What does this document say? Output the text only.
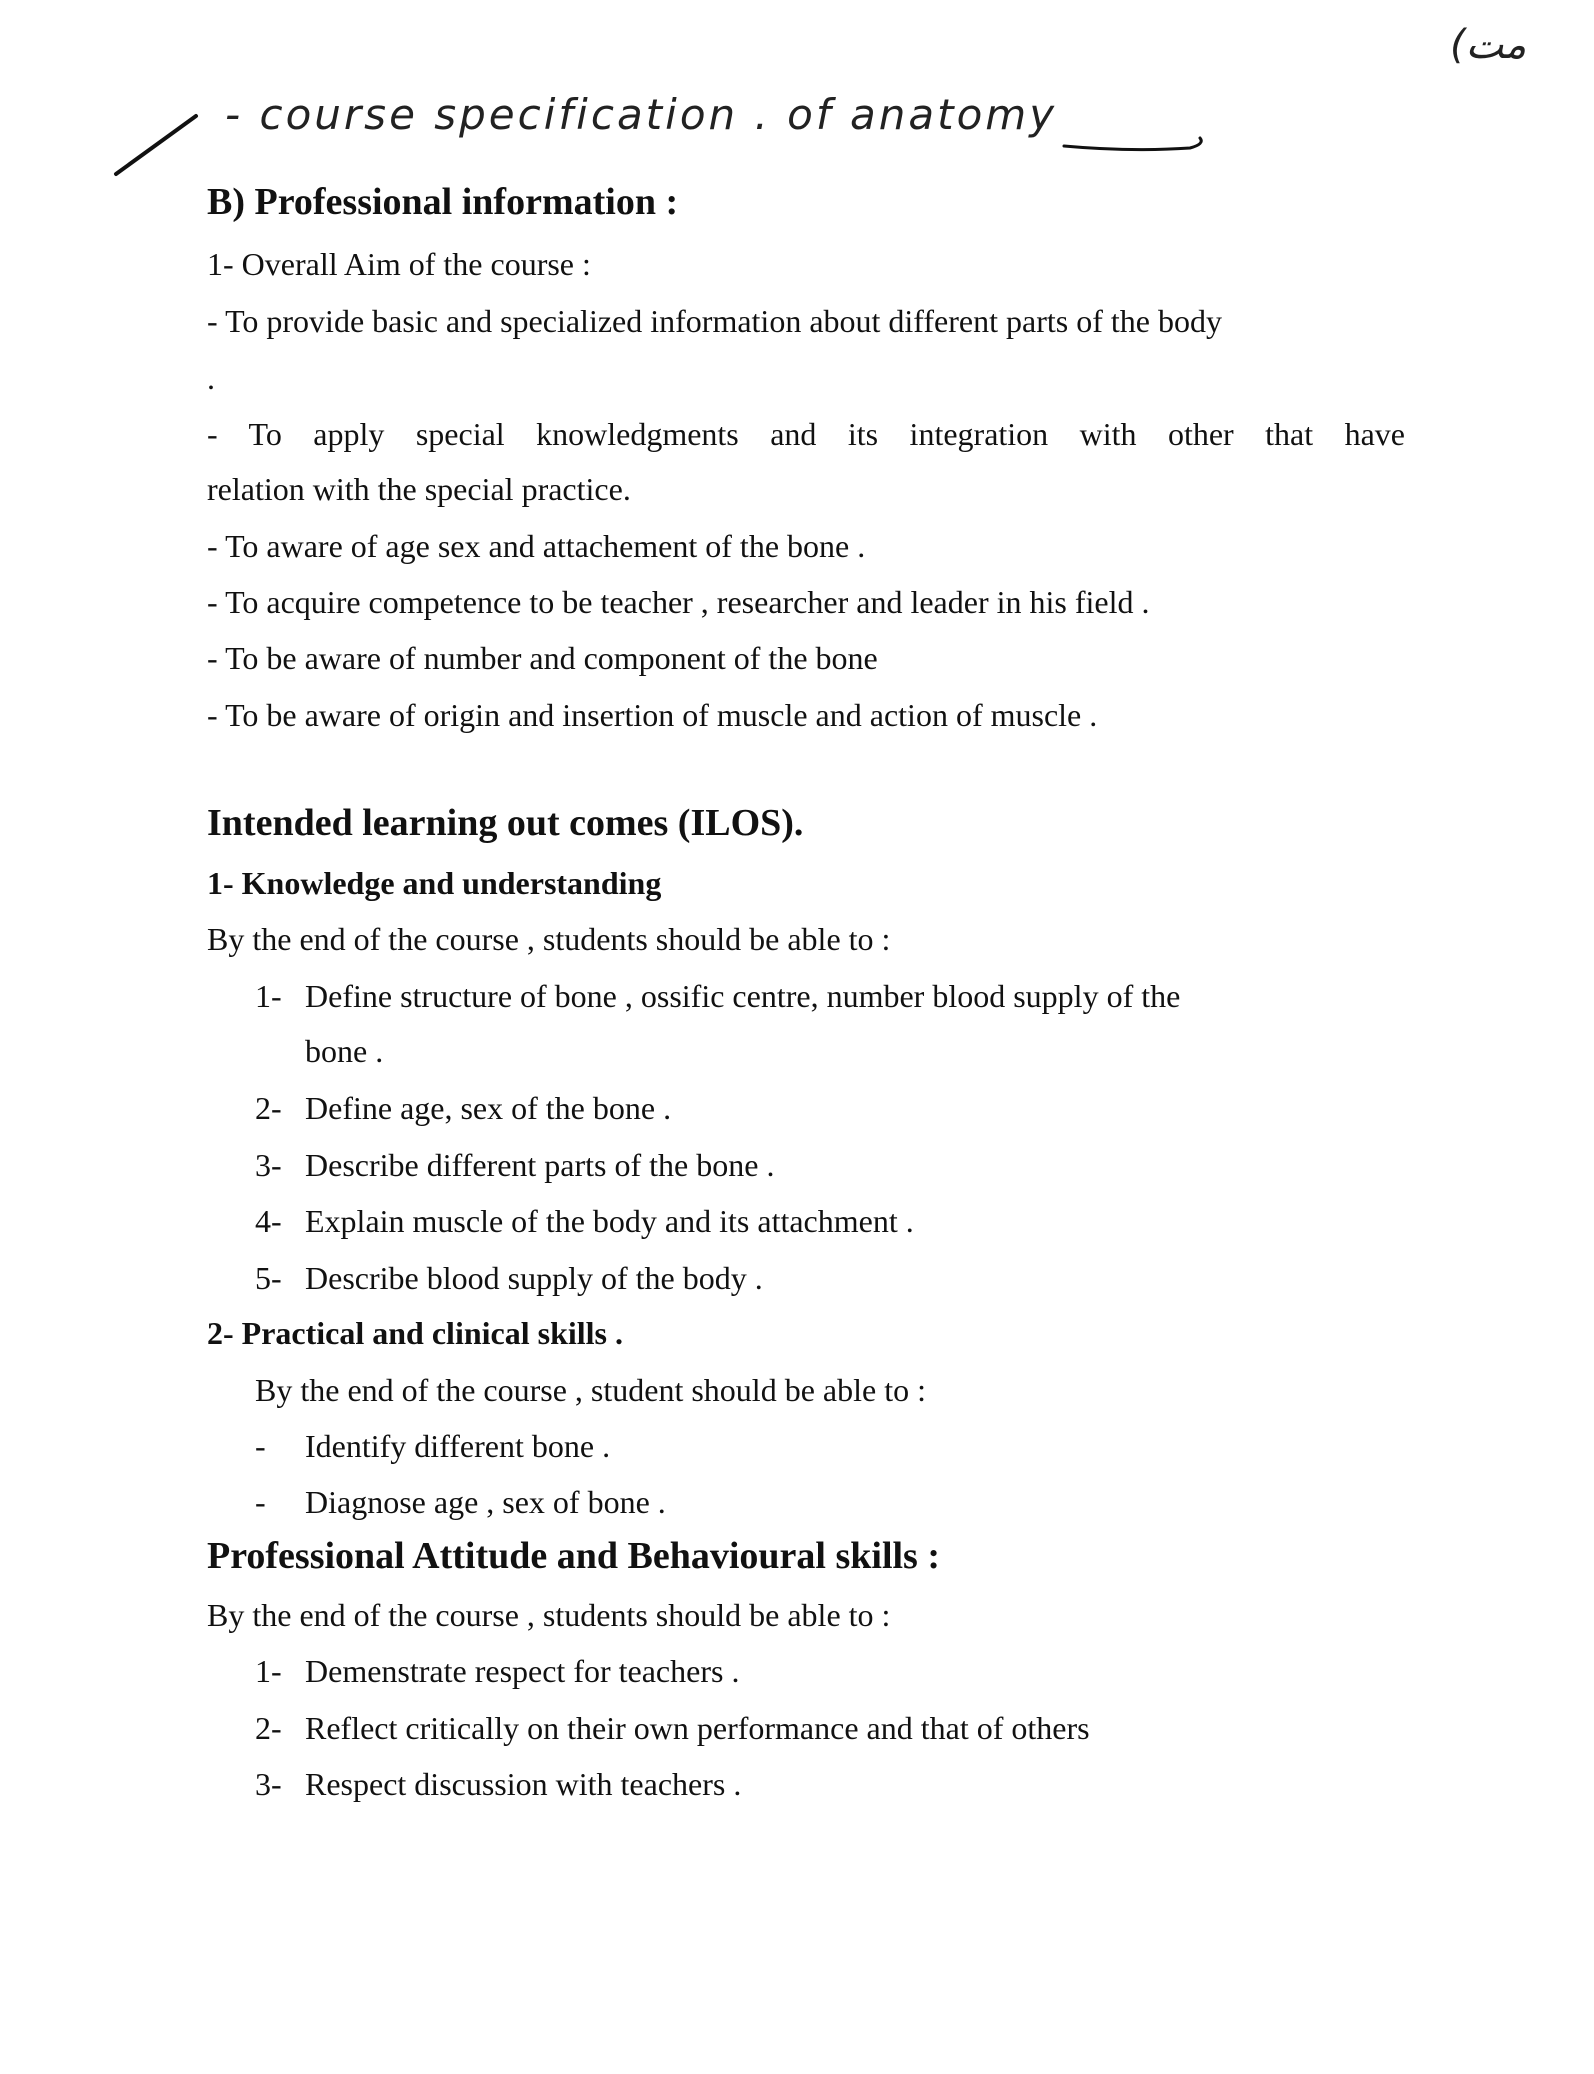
- course specification . of anatomy
(مت
B) Professional information :
1- Overall Aim of the course :
- To provide basic and specialized information about different parts of the body
.
- To apply special knowledgments and its integration with other that have
relation with the special practice.
- To aware of age sex and attachement of the bone .
- To acquire competence to be teacher , researcher and leader in his field .
- To be aware of number and component of the bone
- To be aware of origin and insertion of muscle and action of muscle .
Intended learning out comes (ILOS).
1- Knowledge and understanding
By the end of the course , students should be able to :
1- Define structure of bone , ossific centre, number blood supply of the
bone .
2- Define age, sex of the bone .
3- Describe different parts of the bone .
4- Explain muscle of the body and its attachment .
5- Describe blood supply of the body .
2- Practical and clinical skills .
By the end of the course , student should be able to :
- Identify different bone .
- Diagnose age , sex of bone .
Professional Attitude and Behavioural skills :
By the end of the course , students should be able to :
1- Demenstrate respect for teachers .
2- Reflect critically on their own performance and that of others
3- Respect discussion with teachers .
